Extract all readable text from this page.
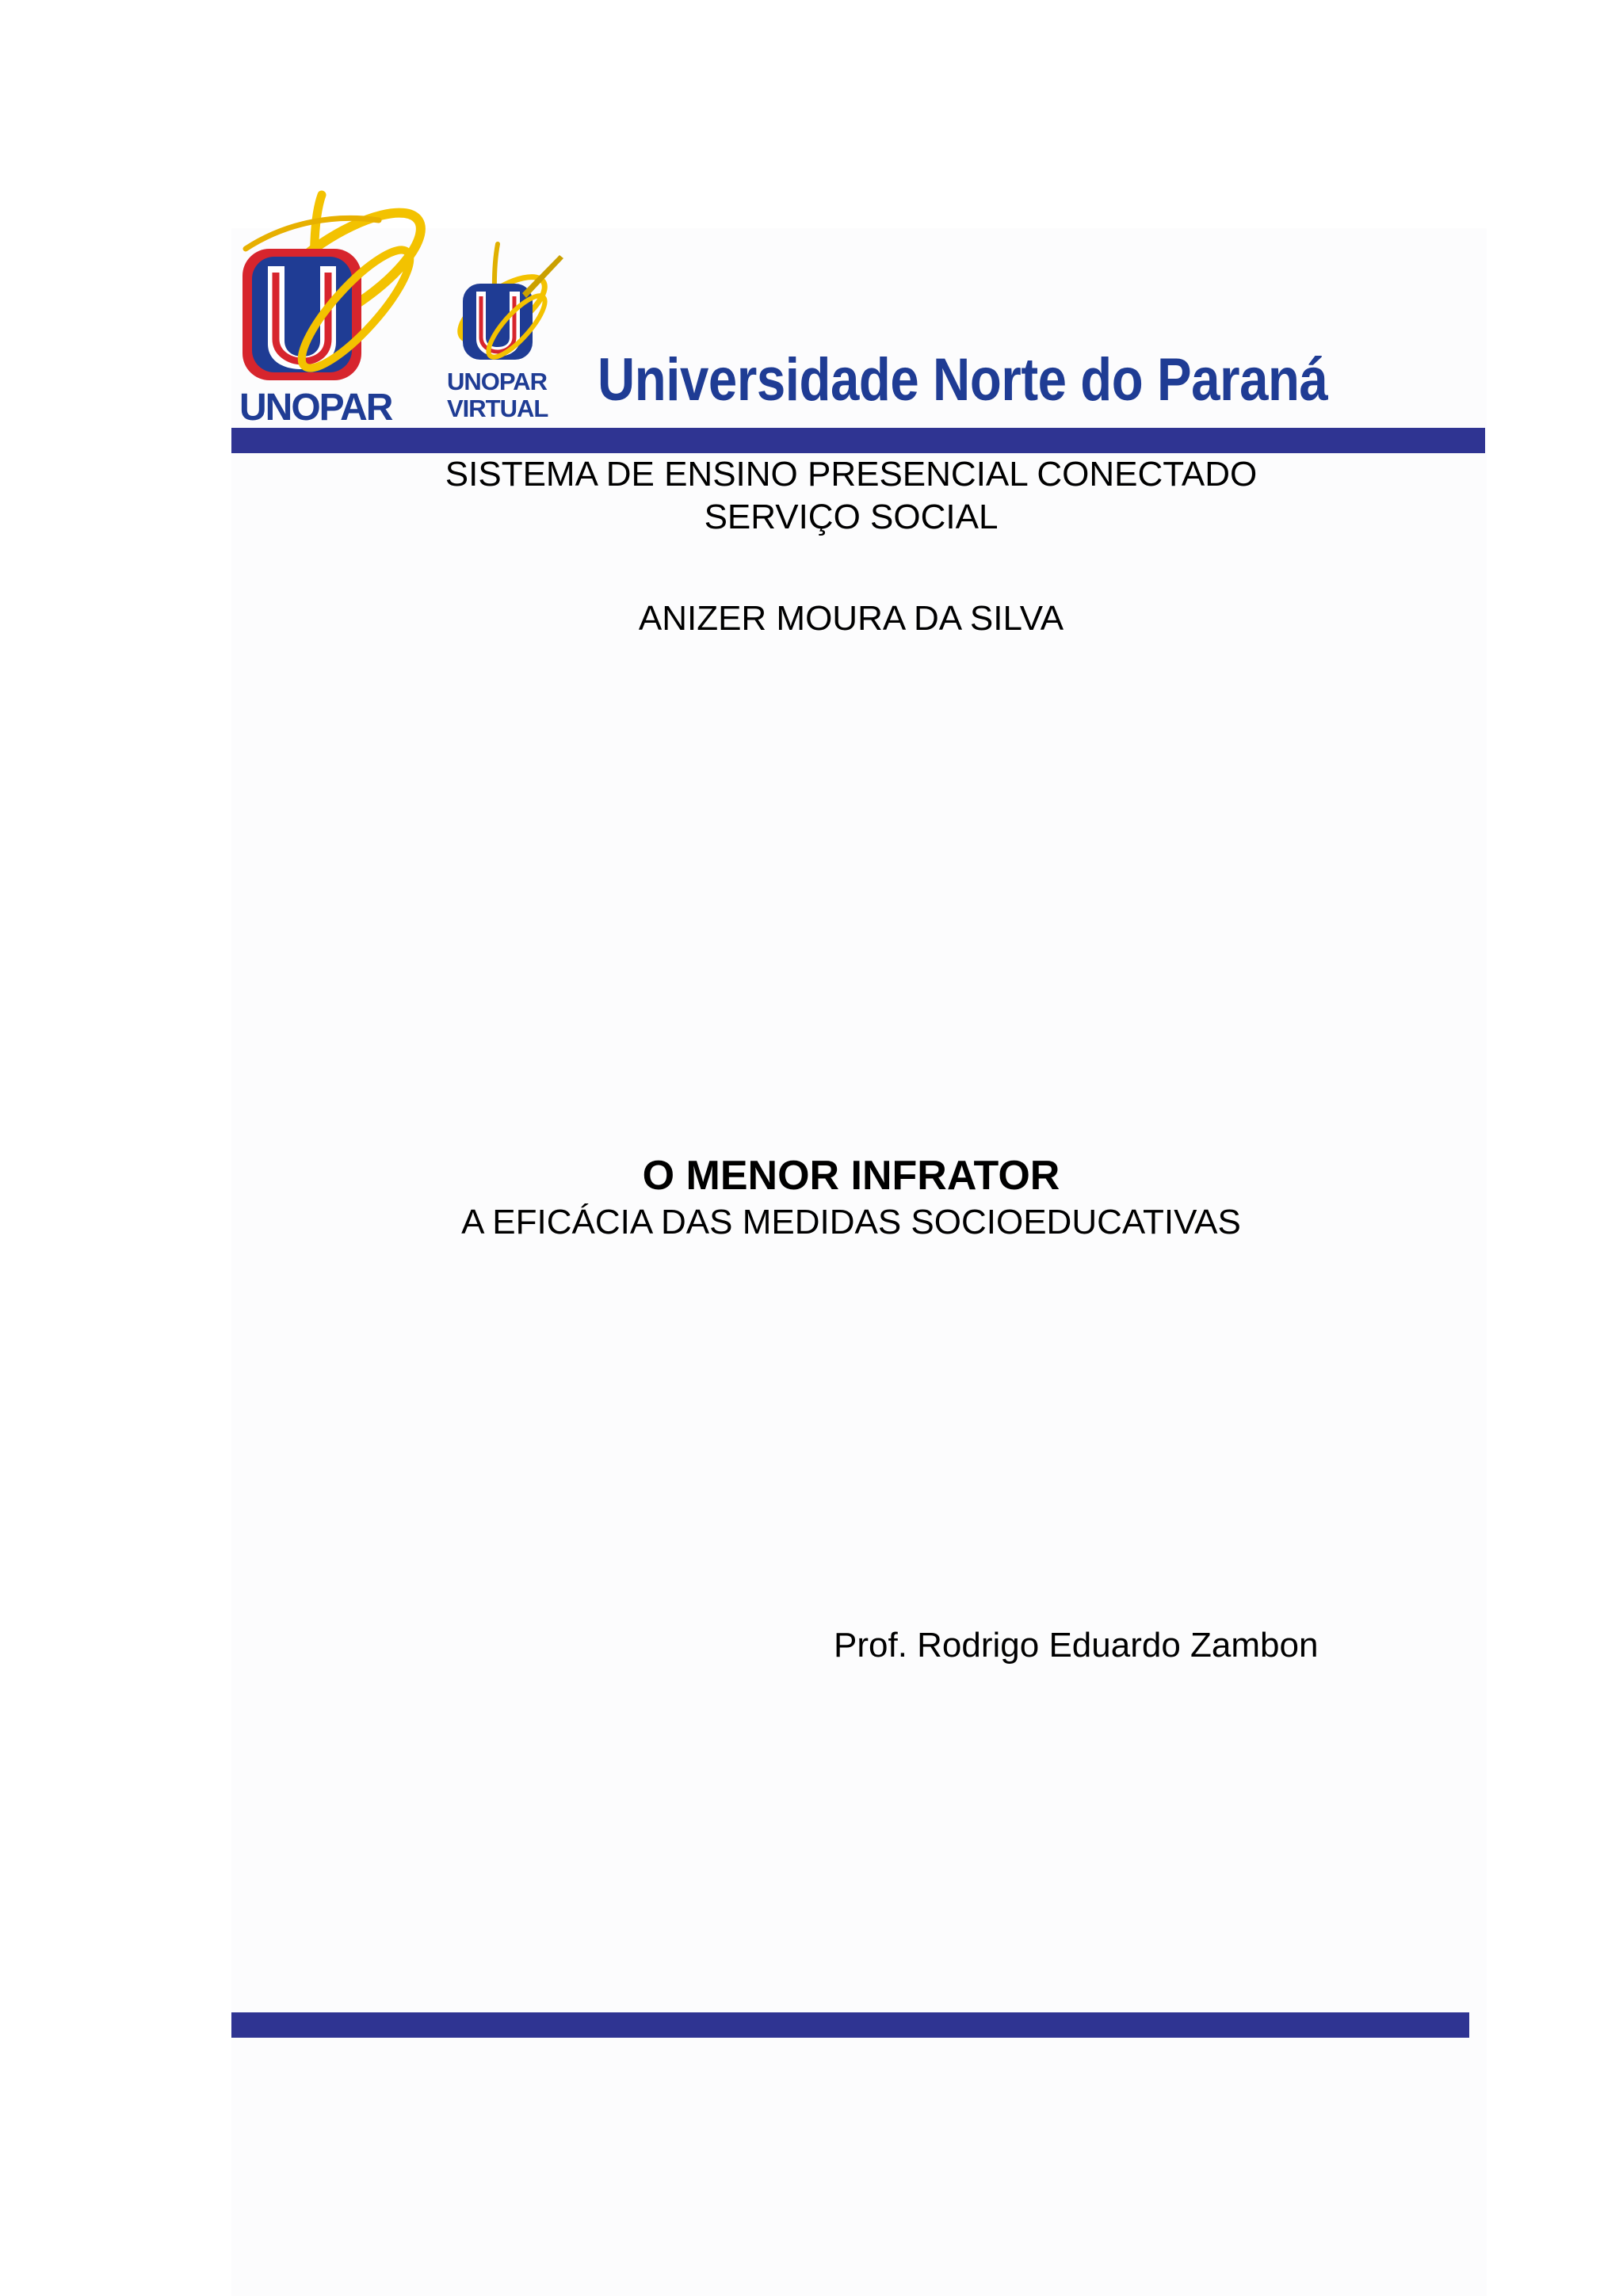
UNOPAR
UNOPAR
VIRTUAL Universidade Norte do Paraná
SISTEMA DE ENSINO PRESENCIAL CONECTADO
SERVIÇO SOCIAL
ANIZER MOURA DA SILVA
O MENOR INFRATOR
A EFICÁCIA DAS MEDIDAS SOCIOEDUCATIVAS
Prof. Rodrigo Eduardo Zambon
